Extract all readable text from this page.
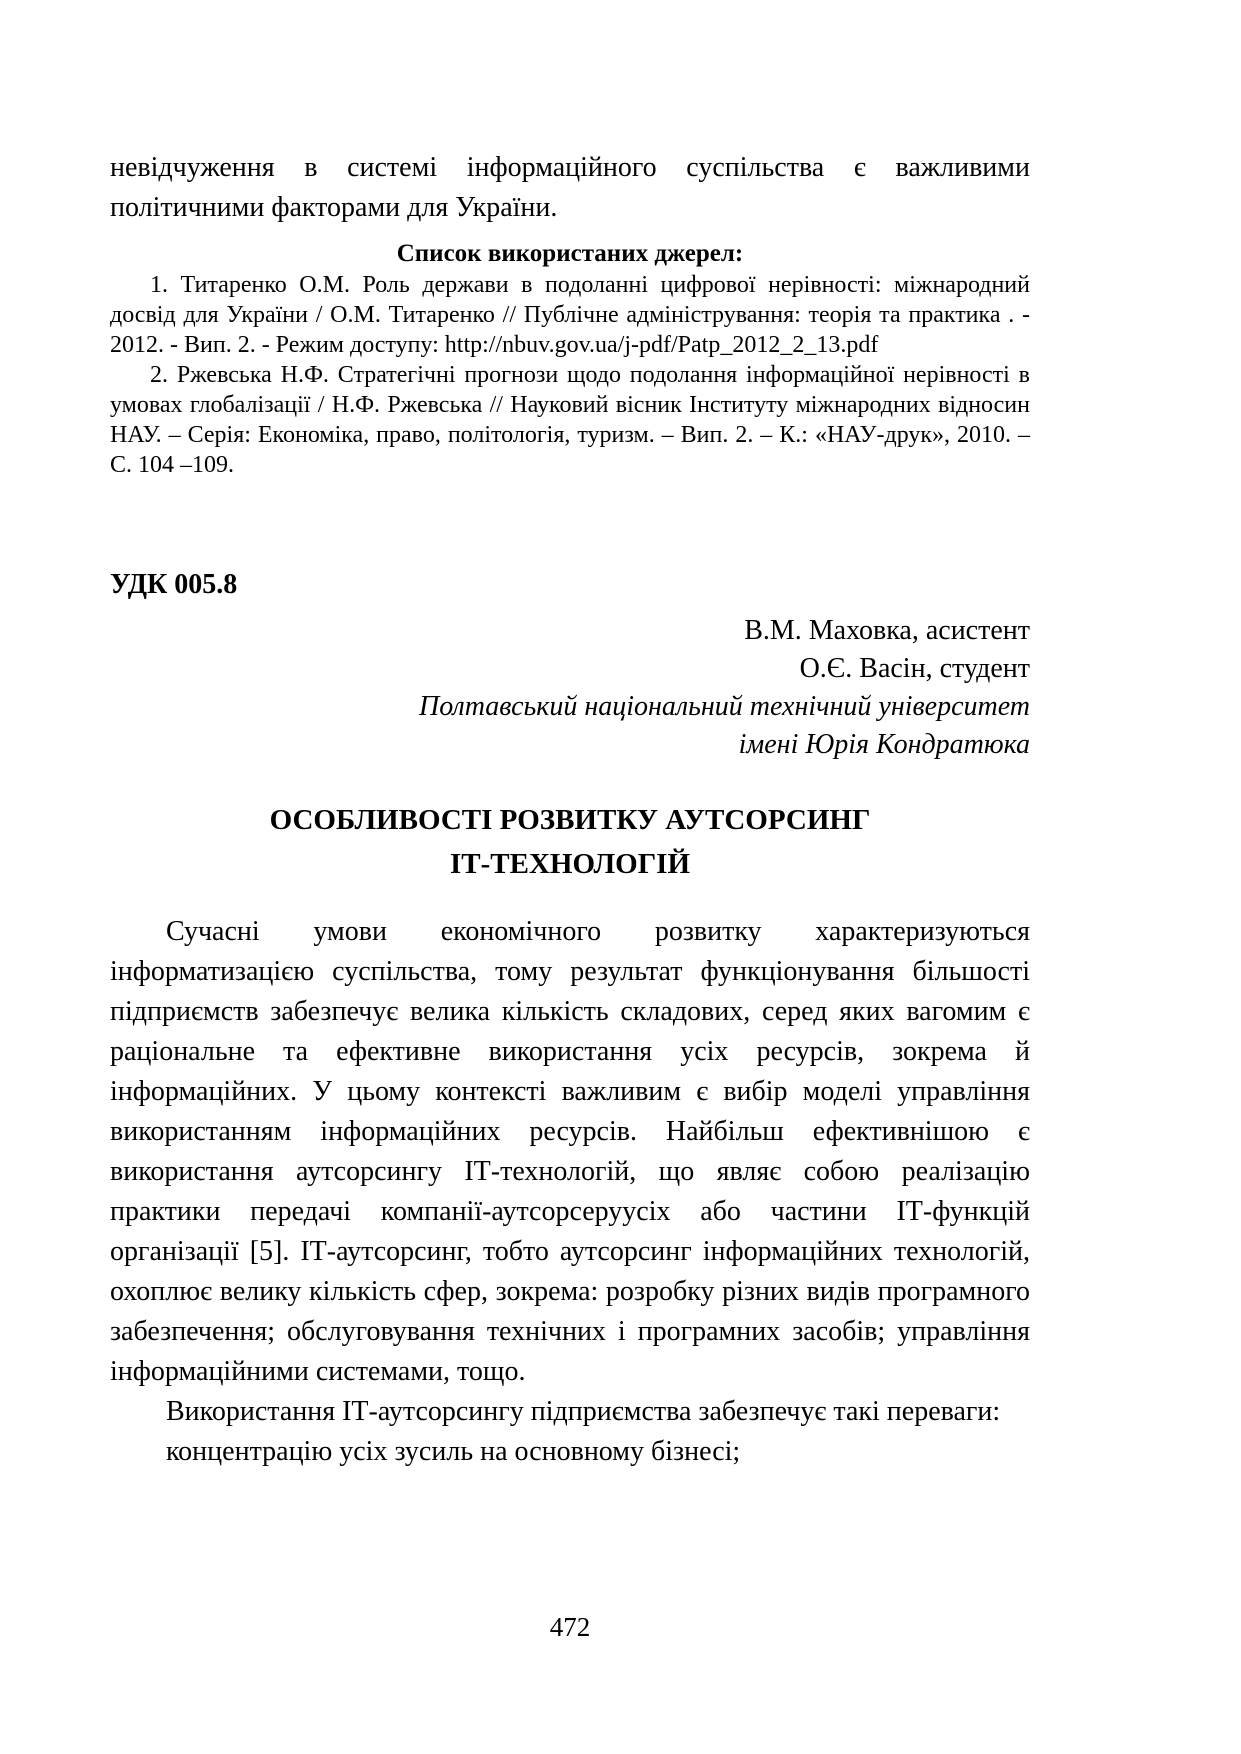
невідчуження в системі інформаційного суспільства є важливими політичними факторами для України.

Список використаних джерел:

1. Титаренко О.М. Роль держави в подоланні цифрової нерівності: міжнародний досвід для України / О.М. Титаренко // Публічне адміністрування: теорія та практика . - 2012. - Вип. 2. - Режим доступу: http://nbuv.gov.ua/j-pdf/Patp_2012_2_13.pdf

2. Ржевська Н.Ф. Стратегічні прогнози щодо подолання інформаційної нерівності в умовах глобалізації / Н.Ф. Ржевська // Науковий вісник Інституту міжнародних відносин НАУ. – Серія: Економіка, право, політологія, туризм. – Вип. 2. – К.: «НАУ-друк», 2010. – С. 104 –109.

УДК 005.8

В.М. Маховка, асистент

О.Є. Васін, студент

Полтавський національний технічний університет

імені Юрія Кондратюка

ОСОБЛИВОСТІ РОЗВИТКУ АУТСОРСИНГ
ІТ-ТЕХНОЛОГІЙ

Сучасні умови економічного розвитку характеризуються інформатизацією суспільства, тому результат функціонування більшості підприємств забезпечує велика кількість складових, серед яких вагомим є раціональне та ефективне використання усіх ресурсів, зокрема й інформаційних. У цьому контексті важливим є вибір моделі управління використанням інформаційних ресурсів. Найбільш ефективнішою є використання аутсорсингу ІТ-технологій, що являє собою реалізацію практики передачі компанії-аутсорсеруусіх або частини ІТ-функцій організації [5]. ІТ-аутсорсинг, тобто аутсорсинг інформаційних технологій, охоплює велику кількість сфер, зокрема: розробку різних видів програмного забезпечення; обслуговування технічних і програмних засобів; управління інформаційними системами, тощо.

Використання ІТ-аутсорсингу підприємства забезпечує такі переваги:

концентрацію усіх зусиль на основному бізнесі;

472
